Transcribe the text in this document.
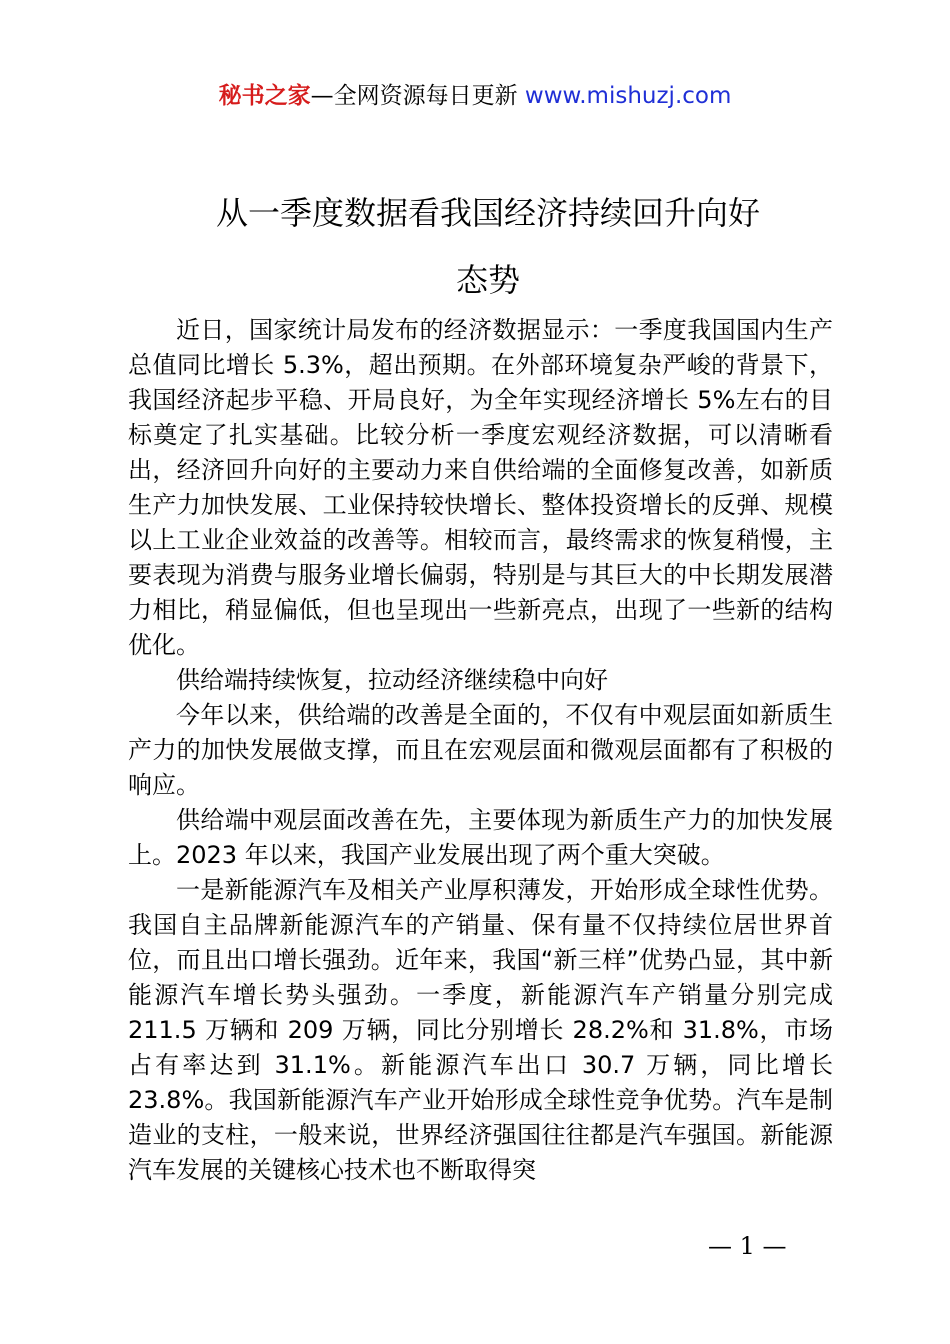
秘书之家—全网资源每日更新 www.mishuzj.com
从一季度数据看我国经济持续回升向好
态势

近日，国家统计局发布的经济数据显示：一季度我国国内生产总值同比增长 5.3%，超出预期。在外部环境复杂严峻的背景下，我国经济起步平稳、开局良好，为全年实现经济增长 5%左右的目标奠定了扎实基础。比较分析一季度宏观经济数据，可以清晰看出，经济回升向好的主要动力来自供给端的全面修复改善，如新质生产力加快发展、工业保持较快增长、整体投资增长的反弹、规模以上工业企业效益的改善等。相较而言，最终需求的恢复稍慢，主要表现为消费与服务业增长偏弱，特别是与其巨大的中长期发展潜力相比，稍显偏低，但也呈现出一些新亮点，出现了一些新的结构优化。

供给端持续恢复，拉动经济继续稳中向好

今年以来，供给端的改善是全面的，不仅有中观层面如新质生产力的加快发展做支撑，而且在宏观层面和微观层面都有了积极的响应。

供给端中观层面改善在先，主要体现为新质生产力的加快发展上。2023 年以来，我国产业发展出现了两个重大突破。

一是新能源汽车及相关产业厚积薄发，开始形成全球性优势。我国自主品牌新能源汽车的产销量、保有量不仅持续位居世界首位，而且出口增长强劲。近年来，我国“新三样”优势凸显，其中新能源汽车增长势头强劲。一季度，新能源汽车产销量分别完成 211.5 万辆和 209 万辆，同比分别增长 28.2%和 31.8%，市场占有率达到 31.1%。新能源汽车出口 30.7 万辆，同比增长 23.8%。我国新能源汽车产业开始形成全球性竞争优势。汽车是制造业的支柱，一般来说，世界经济强国往往都是汽车强国。新能源汽车发展的关键核心技术也不断取得突

— 1 —
